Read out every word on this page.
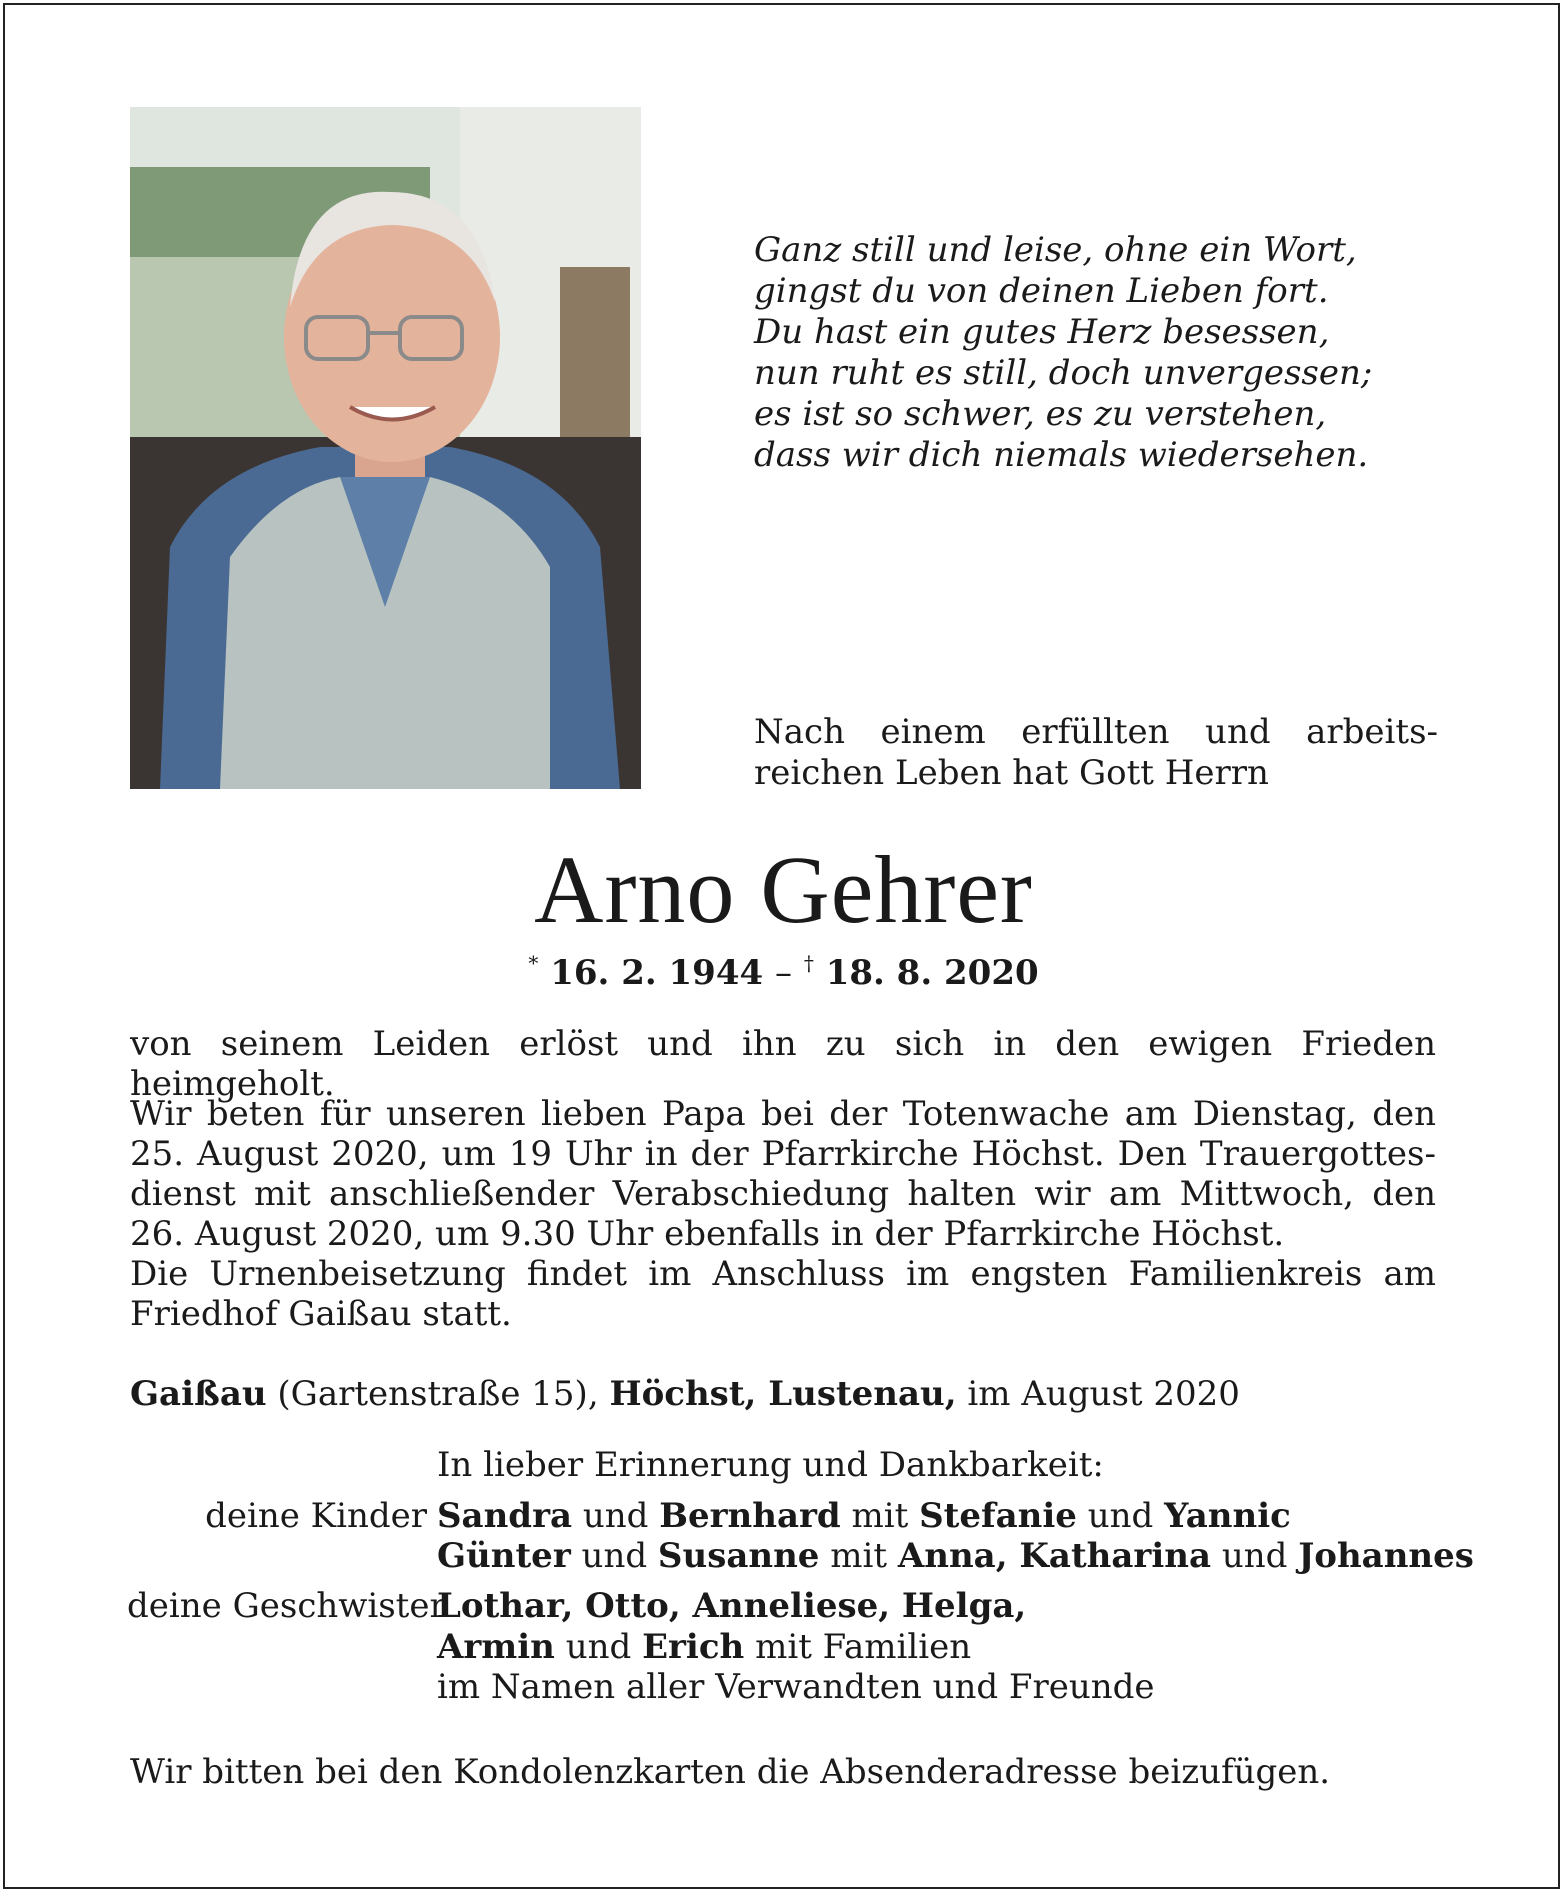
Ganz still und leise, ohne ein Wort,
gingst du von deinen Lieben fort.
Du hast ein gutes Herz besessen,
nun ruht es still, doch unvergessen;
es ist so schwer, es zu verstehen,
dass wir dich niemals wiedersehen.
Nach einem erfüllten und arbeits-
reichen Leben hat Gott Herrn
Arno Gehrer
* 16. 2. 1944 – † 18. 8. 2020
von seinem Leiden erlöst und ihn zu sich in den ewigen Frieden heimgeholt.
Wir beten für unseren lieben Papa bei der Totenwache am Dienstag, den
25. August 2020, um 19 Uhr in der Pfarrkirche Höchst. Den Trauergottes-
dienst mit anschließender Verabschiedung halten wir am Mittwoch, den
26. August 2020, um 9.30 Uhr ebenfalls in der Pfarrkirche Höchst.
Die Urnenbeisetzung findet im Anschluss im engsten Familienkreis am
Friedhof Gaißau statt.
Gaißau (Gartenstraße 15), Höchst, Lustenau, im August 2020
In lieber Erinnerung und Dankbarkeit:
deine Kinder Sandra und Bernhard mit Stefanie und Yannic
Günter und Susanne mit Anna, Katharina und Johannes
deine Geschwister
Lothar, Otto, Anneliese, Helga,
Armin und Erich mit Familien
im Namen aller Verwandten und Freunde
Wir bitten bei den Kondolenzkarten die Absenderadresse beizufügen.
